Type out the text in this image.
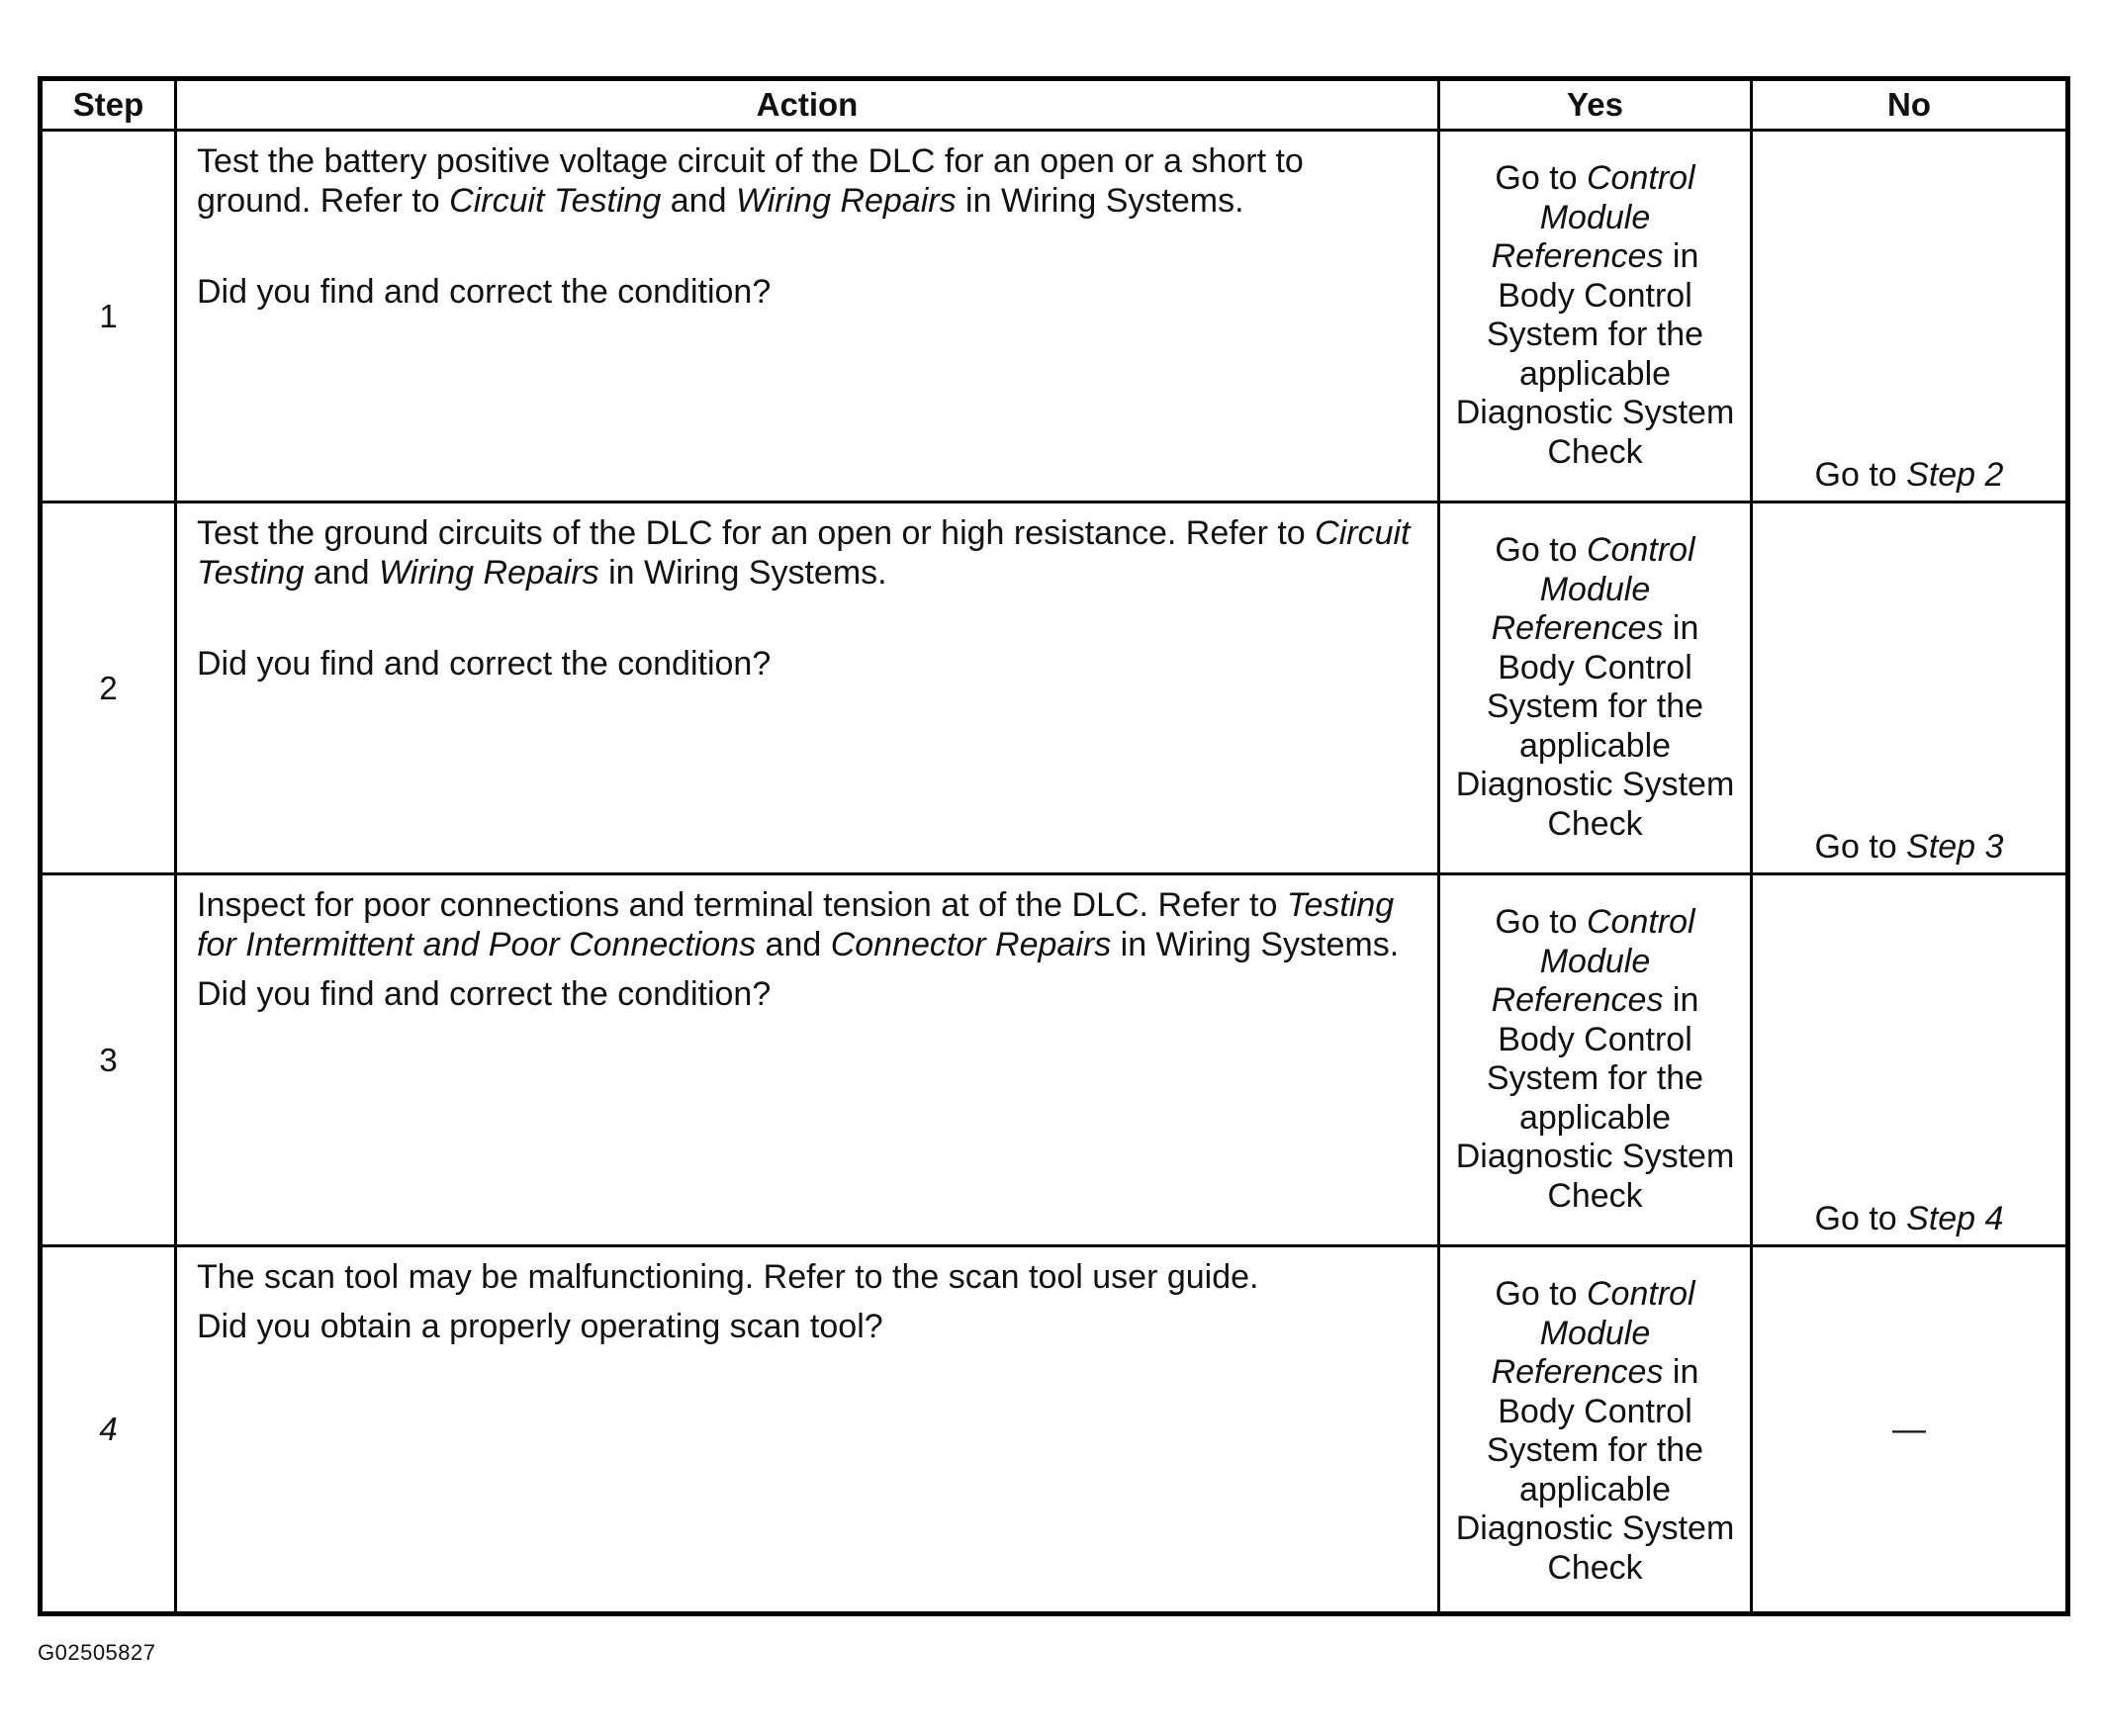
Step	Action	Yes	No
1	Test the battery positive voltage circuit of the DLC for an open or a short to ground. Refer to Circuit Testing and Wiring Repairs in Wiring Systems.

Did you find and correct the condition?	Go to Control Module References in Body Control System for the applicable Diagnostic System Check	Go to Step 2
2	Test the ground circuits of the DLC for an open or high resistance. Refer to Circuit Testing and Wiring Repairs in Wiring Systems.

Did you find and correct the condition?	Go to Control Module References in Body Control System for the applicable Diagnostic System Check	Go to Step 3
3	Inspect for poor connections and terminal tension at of the DLC. Refer to Testing for Intermittent and Poor Connections and Connector Repairs in Wiring Systems.

Did you find and correct the condition?	Go to Control Module References in Body Control System for the applicable Diagnostic System Check	Go to Step 4
4	The scan tool may be malfunctioning. Refer to the scan tool user guide.

Did you obtain a properly operating scan tool?	Go to Control Module References in Body Control System for the applicable Diagnostic System Check	—
G02505827
